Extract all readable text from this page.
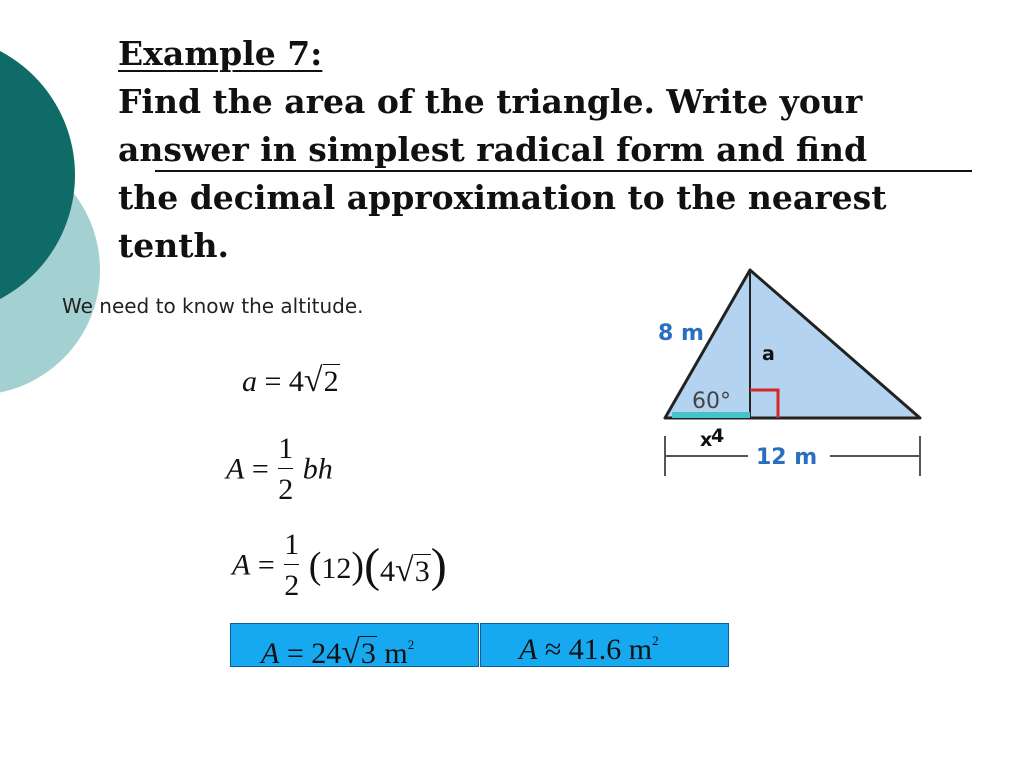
Example 7:
Find the area of the triangle. Write your
answer in simplest radical form and find
the decimal approximation to the nearest
tenth.
We need to know the altitude.
a = 4√2
$A = \frac{1}{2}$ bh
$A = \frac{1}{2} (12)(4√3)$
A = 24√3 $m^2$	A ≈ 41.6 $m^2$
8 m
60°
a
x
4
12 m
